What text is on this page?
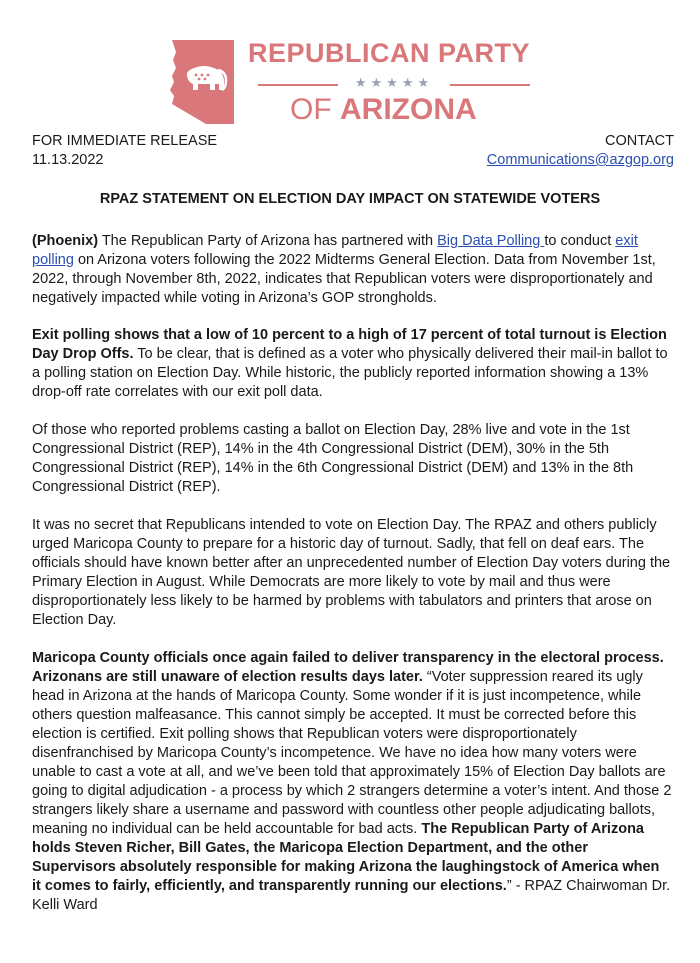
REPUBLICAN PARTY
★★★★★
OF ARIZONA
FOR IMMEDIATE RELEASE
11.13.2022
CONTACT
Communications@azgop.org
RPAZ STATEMENT ON ELECTION DAY IMPACT ON STATEWIDE VOTERS

(Phoenix) The Republican Party of Arizona has partnered with Big Data Polling to conduct exit polling on Arizona voters following the 2022 Midterms General Election. Data from November 1st, 2022, through November 8th, 2022, indicates that Republican voters were disproportionately and negatively impacted while voting in Arizona’s GOP strongholds.

Exit polling shows that a low of 10 percent to a high of 17 percent of total turnout is Election Day Drop Offs. To be clear, that is defined as a voter who physically delivered their mail-in ballot to a polling station on Election Day. While historic, the publicly reported information showing a 13% drop-off rate correlates with our exit poll data.

Of those who reported problems casting a ballot on Election Day, 28% live and vote in the 1st Congressional District (REP), 14% in the 4th Congressional District (DEM), 30% in the 5th Congressional District (REP), 14% in the 6th Congressional District (DEM) and 13% in the 8th Congressional District (REP).

It was no secret that Republicans intended to vote on Election Day. The RPAZ and others publicly urged Maricopa County to prepare for a historic day of turnout. Sadly, that fell on deaf ears. The officials should have known better after an unprecedented number of Election Day voters during the Primary Election in August. While Democrats are more likely to vote by mail and thus were disproportionately less likely to be harmed by problems with tabulators and printers that arose on Election Day.

Maricopa County officials once again failed to deliver transparency in the electoral process. Arizonans are still unaware of election results days later. “Voter suppression reared its ugly head in Arizona at the hands of Maricopa County. Some wonder if it is just incompetence, while others question malfeasance. This cannot simply be accepted. It must be corrected before this election is certified. Exit polling shows that Republican voters were disproportionately disenfranchised by Maricopa County’s incompetence. We have no idea how many voters were unable to cast a vote at all, and we’ve been told that approximately 15% of Election Day ballots are going to digital adjudication - a process by which 2 strangers determine a voter’s intent. And those 2 strangers likely share a username and password with countless other people adjudicating ballots, meaning no individual can be held accountable for bad acts. The Republican Party of Arizona holds Steven Richer, Bill Gates, the Maricopa Election Department, and the other Supervisors absolutely responsible for making Arizona the laughingstock of America when it comes to fairly, efficiently, and transparently running our elections.” - RPAZ Chairwoman Dr. Kelli Ward
